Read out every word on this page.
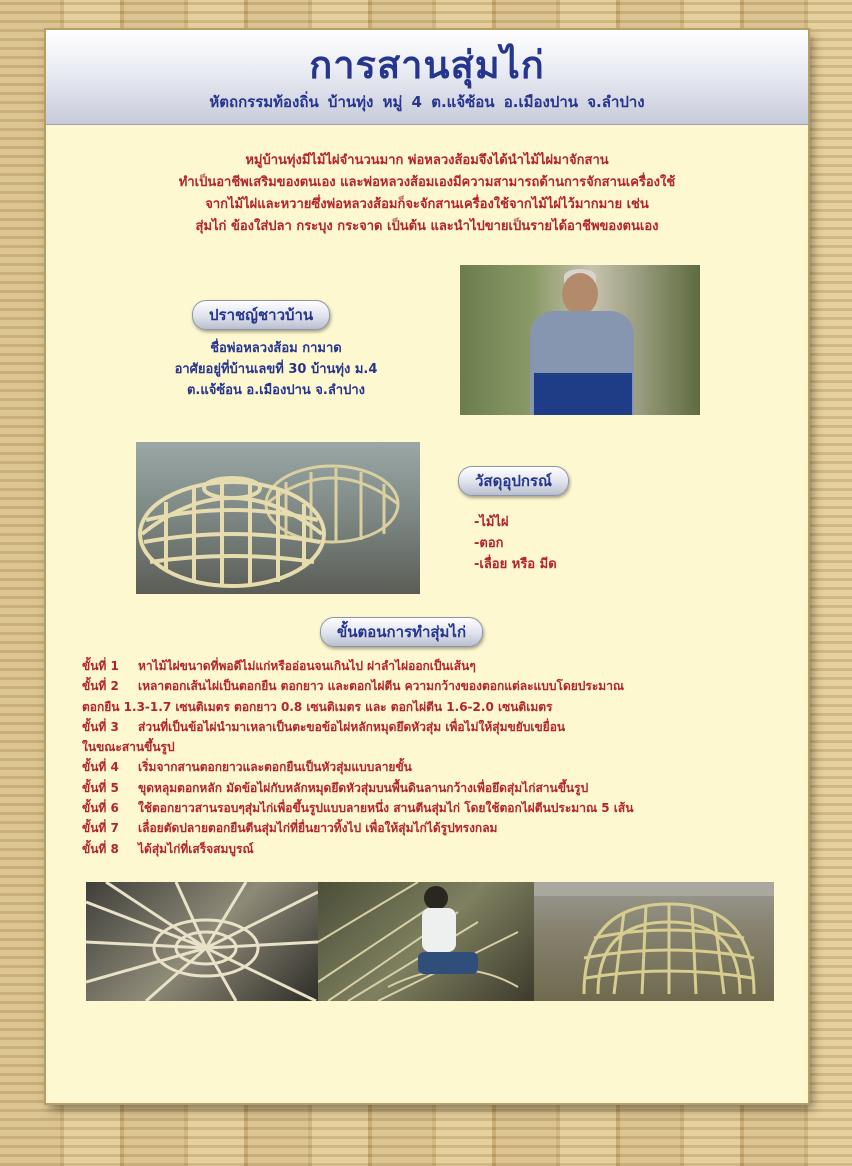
การสานสุ่มไก่
หัตถกรรมท้องถิ่น บ้านทุ่ง หมู่ 4 ต.แจ้ซ้อน อ.เมืองปาน จ.ลำปาง
หมู่บ้านทุ่งมีไม้ไผ่จำนวนมาก พ่อหลวงส้อมจึงได้นำไม้ไผ่มาจักสาน
ทำเป็นอาชีพเสริมของตนเอง และพ่อหลวงส้อมเองมีความสามารถด้านการจักสานเครื่องใช้
จากไม้ไผ่และหวายซึ่งพ่อหลวงส้อมก็จะจักสานเครื่องใช้จากไม้ไผ่ไว้มากมาย เช่น
สุ่มไก่ ข้องใส่ปลา กระบุง กระจาด เป็นต้น และนำไปขายเป็นรายได้อาชีพของตนเอง
ปราชญ์ชาวบ้าน
ชื่อพ่อหลวงส้อม กามาด
อาศัยอยู่ที่บ้านเลขที่ 30 บ้านทุ่ง ม.4
ต.แจ้ซ้อน อ.เมืองปาน จ.ลำปาง
วัสดุอุปกรณ์
-ไม้ไผ่
-ตอก
-เลื่อย หรือ มีด
ขั้นตอนการทำสุ่มไก่
ขั้นที่ 1	หาไม้ไผ่ขนาดที่พอดีไม่แก่หรืออ่อนจนเกินไป ผ่าลำไผ่ออกเป็นเส้นๆ
ขั้นที่ 2	เหลาตอกเส้นไผ่เป็นตอกยืน ตอกยาว และตอกไผ่ตีน ความกว้างของตอกแต่ละแบบโดยประมาณ
ตอกยืน 1.3-1.7 เซนติเมตร ตอกยาว 0.8 เซนติเมตร และ ตอกไผ่ตีน 1.6-2.0 เซนติเมตร
ขั้นที่ 3	ส่วนที่เป็นข้อไผ่นำมาเหลาเป็นตะขอข้อไผ่หลักหมุดยึดหัวสุ่ม เพื่อไม่ให้สุ่มขยับเขยื่อน
ในขณะสานขึ้นรูป
ขั้นที่ 4	เริ่มจากสานตอกยาวและตอกยืนเป็นหัวสุ่มแบบลายขั้น
ขั้นที่ 5	ขุดหลุมตอกหลัก มัดข้อไผ่กับหลักหมุดยึดหัวสุ่มบนพื้นดินลานกว้างเพื่อยึดสุ่มไก่สานขึ้นรูป
ขั้นที่ 6	ใช้ตอกยาวสานรอบๆสุ่มไก่เพื่อขึ้นรูปแบบลายหนึ่ง สานตีนสุ่มไก่ โดยใช้ตอกไผ่ตีนประมาณ 5 เส้น
ขั้นที่ 7	เลื่อยตัดปลายตอกยืนตีนสุ่มไก่ที่ยื่นยาวทิ้งไป เพื่อให้สุ่มไก่ได้รูปทรงกลม
ขั้นที่ 8	ได้สุ่มไก่ที่เสร็จสมบูรณ์
